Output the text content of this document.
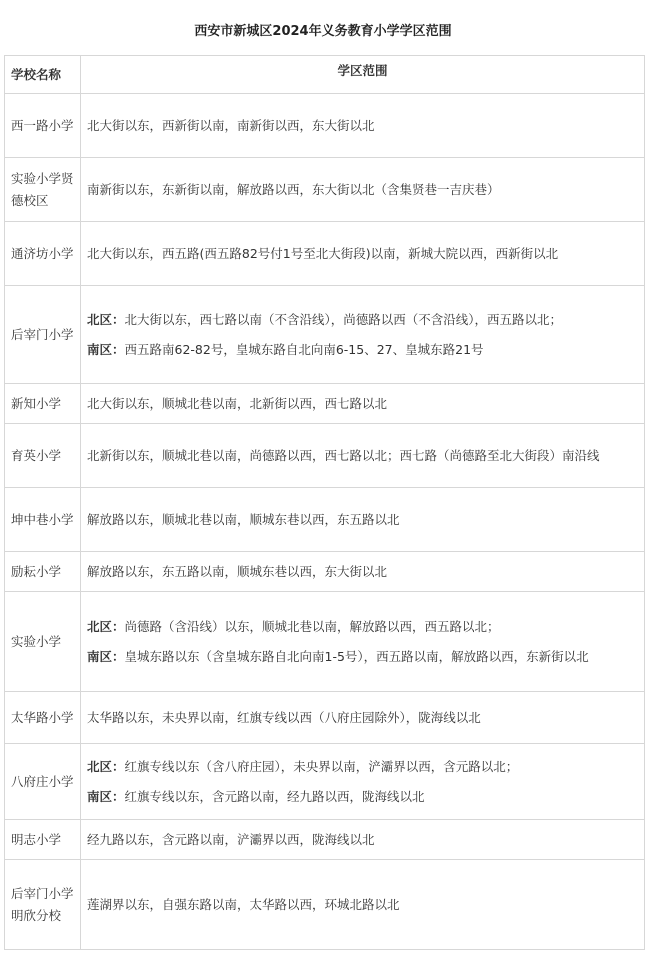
西安市新城区2024年义务教育小学学区范围
学校名称	学区范围
西一路小学	北大街以东，西新街以南，南新街以西，东大街以北

实验小学贤德校区	南新街以东，东新街以南，解放路以西，东大街以北（含集贤巷一吉庆巷）

通济坊小学	北大街以东，西五路(西五路82号付1号至北大街段)以南，新城大院以西，西新街以北

后宰门小学	北区：北大街以东，西七路以南（不含沿线），尚德路以西（不含沿线），西五路以北；

南区：西五路南62-82号，皇城东路自北向南6-15、27、皇城东路21号

新知小学	北大街以东，顺城北巷以南，北新街以西，西七路以北

育英小学	北新街以东，顺城北巷以南，尚德路以西，西七路以北；西七路（尚德路至北大街段）南沿线

坤中巷小学	解放路以东，顺城北巷以南，顺城东巷以西，东五路以北

励耘小学	解放路以东，东五路以南，顺城东巷以西，东大街以北

实验小学	北区：尚德路（含沿线）以东，顺城北巷以南，解放路以西，西五路以北；

南区：皇城东路以东（含皇城东路自北向南1-5号），西五路以南，解放路以西，东新街以北

太华路小学	太华路以东，未央界以南，红旗专线以西（八府庄园除外），陇海线以北

八府庄小学	北区：红旗专线以东（含八府庄园），未央界以南，浐灞界以西，含元路以北；

南区：红旗专线以东，含元路以南，经九路以西，陇海线以北

明志小学	经九路以东，含元路以南，浐灞界以西，陇海线以北

后宰门小学明欣分校	莲湖界以东，自强东路以南，太华路以西，环城北路以北
